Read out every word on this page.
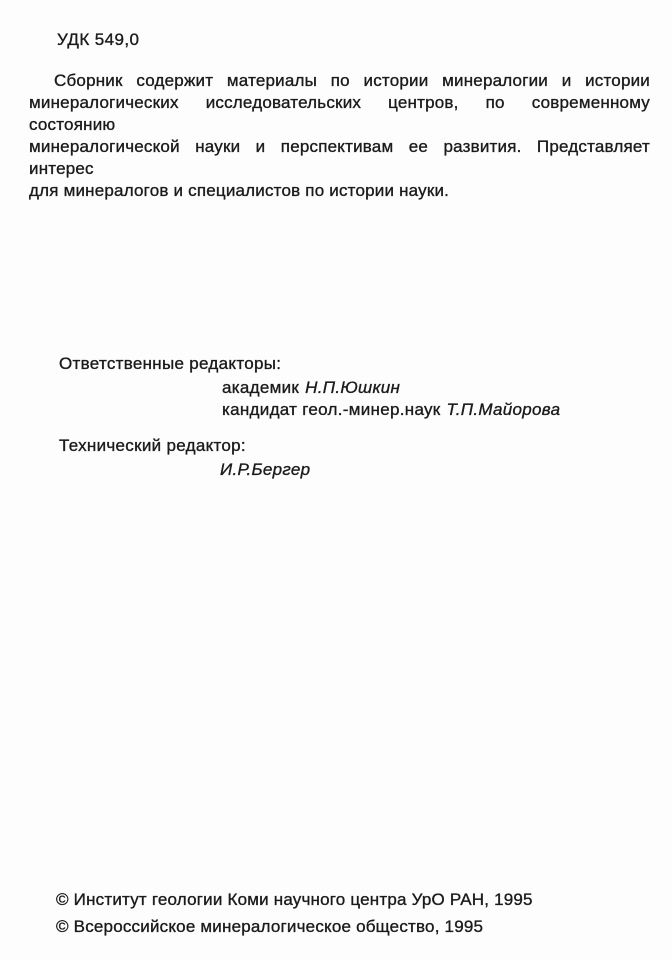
УДК 549,0
Сборник содержит материалы по истории минералогии и истории
минералогических исследовательских центров, по современному состоянию
минералогической науки и перспективам ее развития. Представляет интерес
для минералогов и специалистов по истории науки.
Ответственные редакторы:
академик Н.П.Юшкин
кандидат геол.-минер.наук Т.П.Майорова
Технический редактор:
И.Р.Бергер
© Институт геологии Коми научного центра УрО РАН, 1995
© Всероссийское минералогическое общество, 1995
